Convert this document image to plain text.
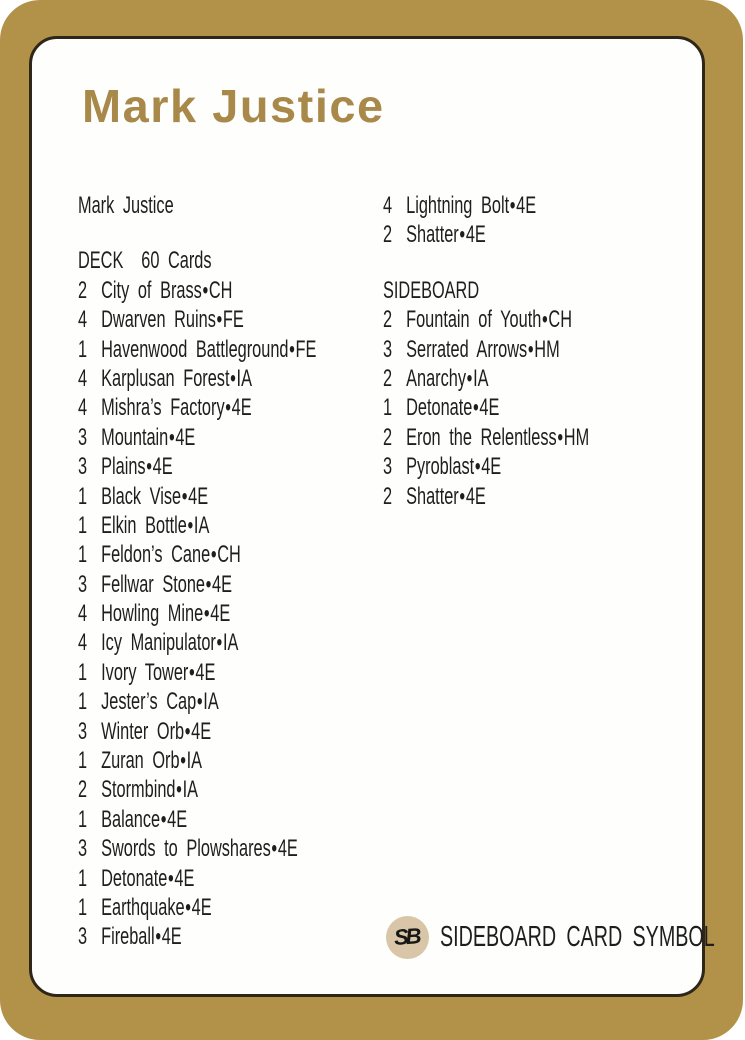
Mark Justice
Mark Justice
DECK 60 Cards
2 City of Brass•CH
4 Dwarven Ruins•FE
1 Havenwood Battleground•FE
4 Karplusan Forest•IA
4 Mishra’s Factory•4E
3 Mountain•4E
3 Plains•4E
1 Black Vise•4E
1 Elkin Bottle•IA
1 Feldon’s Cane•CH
3 Fellwar Stone•4E
4 Howling Mine•4E
4 Icy Manipulator•IA
1 Ivory Tower•4E
1 Jester’s Cap•IA
3 Winter Orb•4E
1 Zuran Orb•IA
2 Stormbind•IA
1 Balance•4E
3 Swords to Plowshares•4E
1 Detonate•4E
1 Earthquake•4E
3 Fireball•4E
4 Lightning Bolt•4E
2 Shatter•4E
SIDEBOARD
2 Fountain of Youth•CH
3 Serrated Arrows•HM
2 Anarchy•IA
1 Detonate•4E
2 Eron the Relentless•HM
3 Pyroblast•4E
2 Shatter•4E
SB SIDEBOARD CARD SYMBOL
